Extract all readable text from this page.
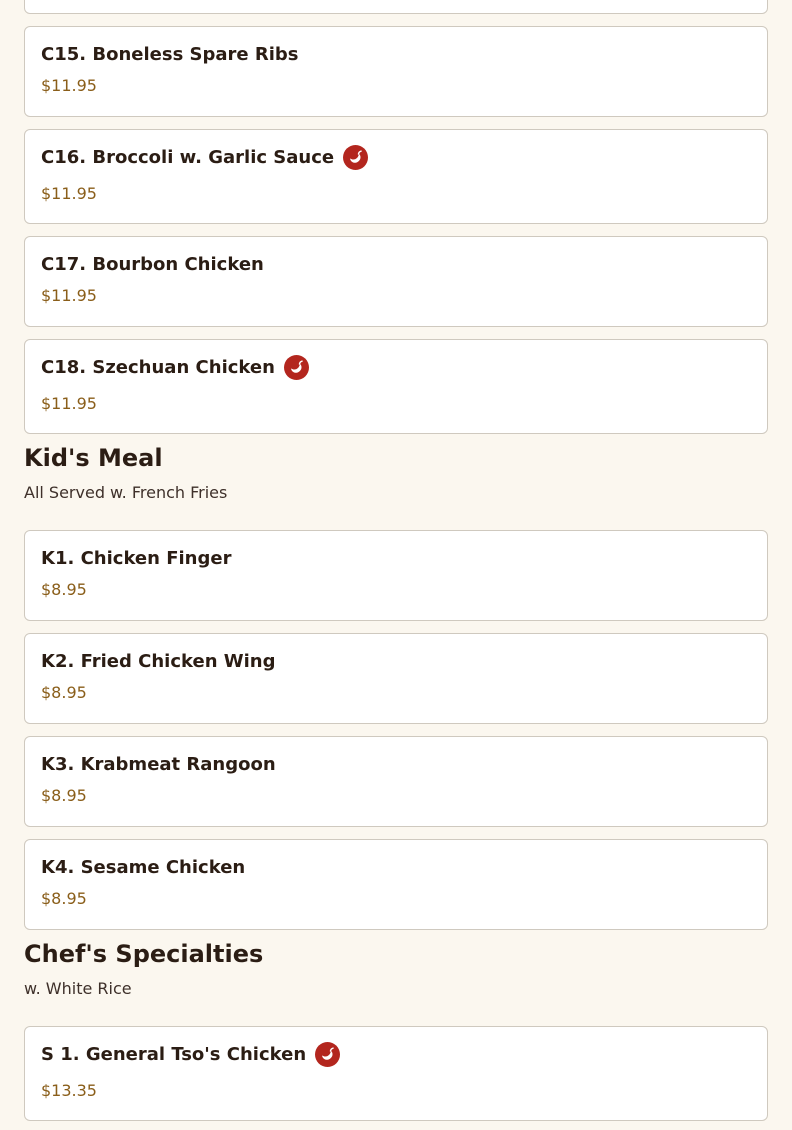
C15. Boneless Spare Ribs
$11.95
C16. Broccoli w. Garlic Sauce
$11.95
C17. Bourbon Chicken
$11.95
C18. Szechuan Chicken
$11.95
Kid's Meal
All Served w. French Fries
K1. Chicken Finger
$8.95
K2. Fried Chicken Wing
$8.95
K3. Krabmeat Rangoon
$8.95
K4. Sesame Chicken
$8.95
Chef's Specialties
w. White Rice
S 1. General Tso's Chicken
$13.35
